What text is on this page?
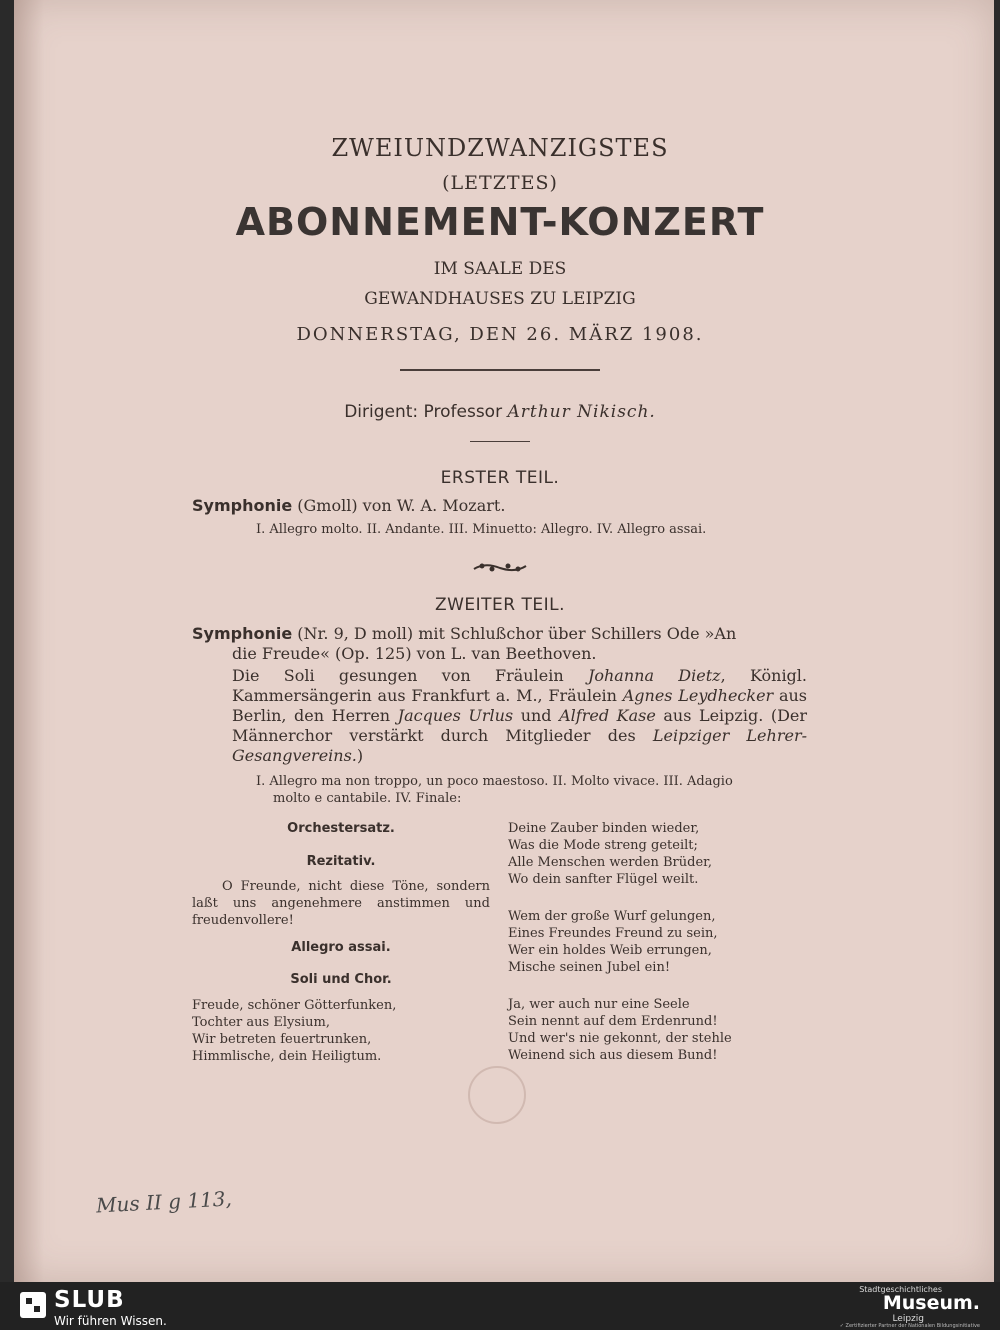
ZWEIUNDZWANZIGSTES
(LETZTES)
ABONNEMENT-KONZERT
IM SAALE DES
GEWANDHAUSES ZU LEIPZIG
DONNERSTAG, DEN 26. MÄRZ 1908.
Dirigent: Professor Arthur Nikisch.
ERSTER TEIL.
Symphonie (Gmoll) von W. A. Mozart.
I. Allegro molto. II. Andante. III. Minuetto: Allegro. IV. Allegro assai.
ZWEITER TEIL.
Symphonie (Nr. 9, D moll) mit Schlußchor über Schillers Ode »An
die Freude« (Op. 125) von L. van Beethoven.
Die Soli gesungen von Fräulein Johanna Dietz, Königl. Kammersängerin aus Frankfurt a. M., Fräulein Agnes Leydhecker aus Berlin, den Herren Jacques Urlus und Alfred Kase aus Leipzig. (Der Männerchor verstärkt durch Mitglieder des Leipziger Lehrer-Gesangvereins.)
I. Allegro ma non troppo, un poco maestoso. II. Molto vivace. III. Adagio
molto e cantabile. IV. Finale:
Orchestersatz.
Rezitativ.
O Freunde, nicht diese Töne, sondern laßt uns angenehmere anstimmen und freudenvollere!
Allegro assai.
Soli und Chor.
Freude, schöner Götterfunken,
Tochter aus Elysium,
Wir betreten feuertrunken,
Himmlische, dein Heiligtum.
Deine Zauber binden wieder,
Was die Mode streng geteilt;
Alle Menschen werden Brüder,
Wo dein sanfter Flügel weilt.
Wem der große Wurf gelungen,
Eines Freundes Freund zu sein,
Wer ein holdes Weib errungen,
Mische seinen Jubel ein!
Ja, wer auch nur eine Seele
Sein nennt auf dem Erdenrund!
Und wer's nie gekonnt, der stehle
Weinend sich aus diesem Bund!
Mus II g 113,
SLUB
Wir führen Wissen.
Stadtgeschichtliches
Museum.
Leipzig
✓ Zertifizierter Partner der Nationalen Bildungsinitiative
